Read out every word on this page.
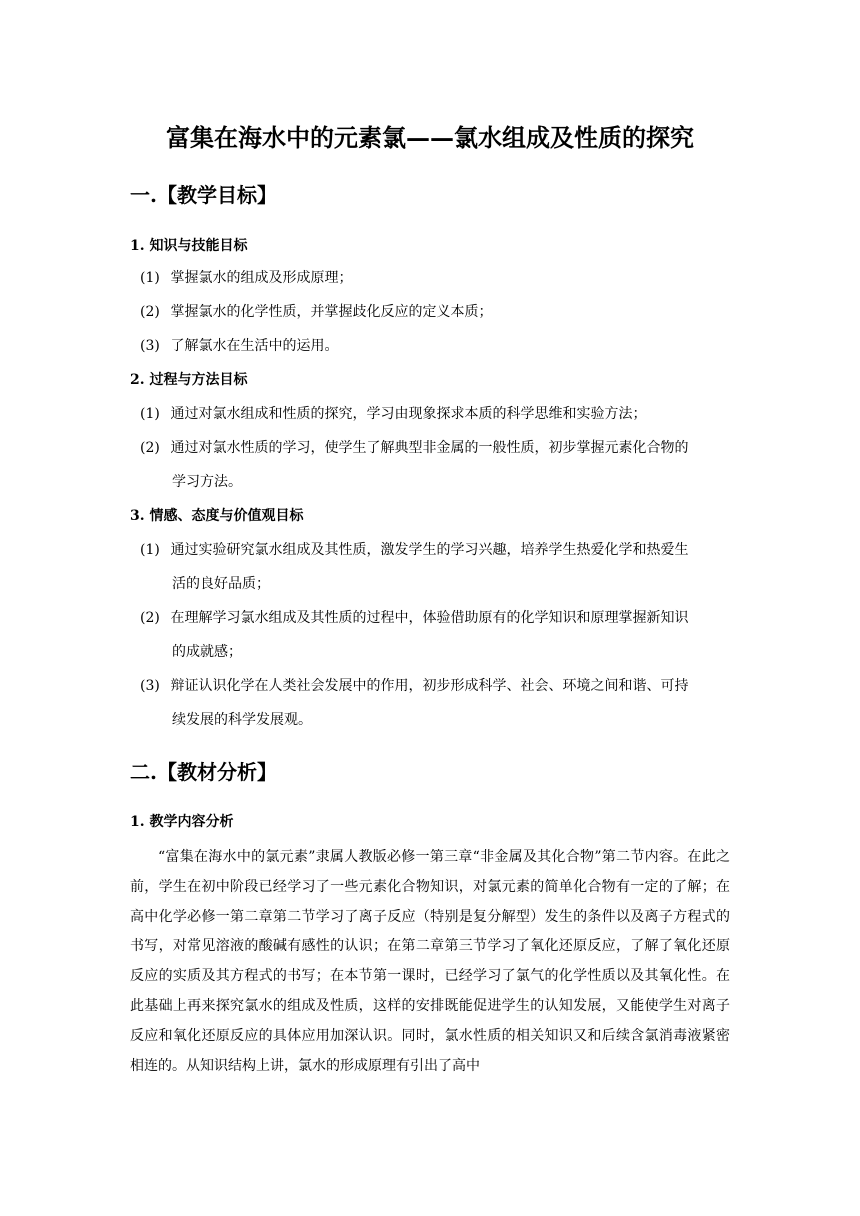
富集在海水中的元素氯——氯水组成及性质的探究
一.【教学目标】
1. 知识与技能目标

(1) 掌握氯水的组成及形成原理；

(2) 掌握氯水的化学性质，并掌握歧化反应的定义本质；

(3) 了解氯水在生活中的运用。

2. 过程与方法目标

(1) 通过对氯水组成和性质的探究，学习由现象探求本质的科学思维和实验方法；

(2) 通过对氯水性质的学习，使学生了解典型非金属的一般性质，初步掌握元素化合物的
学习方法。

3. 情感、态度与价值观目标

(1) 通过实验研究氯水组成及其性质，激发学生的学习兴趣，培养学生热爱化学和热爱生
活的良好品质；

(2) 在理解学习氯水组成及其性质的过程中，体验借助原有的化学知识和原理掌握新知识
的成就感；

(3) 辩证认识化学在人类社会发展中的作用，初步形成科学、社会、环境之间和谐、可持
续发展的科学发展观。

二.【教材分析】
1. 教学内容分析

“富集在海水中的氯元素”隶属人教版必修一第三章“非金属及其化合物”第二节内容。在此之前，学生在初中阶段已经学习了一些元素化合物知识，对氯元素的简单化合物有一定的了解；在高中化学必修一第二章第二节学习了离子反应（特别是复分解型）发生的条件以及离子方程式的书写，对常见溶液的酸碱有感性的认识；在第二章第三节学习了氧化还原反应，了解了氧化还原反应的实质及其方程式的书写；在本节第一课时，已经学习了氯气的化学性质以及其氧化性。在此基础上再来探究氯水的组成及性质，这样的安排既能促进学生的认知发展，又能使学生对离子反应和氧化还原反应的具体应用加深认识。同时，氯水性质的相关知识又和后续含氯消毒液紧密相连的。从知识结构上讲，氯水的形成原理有引出了高中
